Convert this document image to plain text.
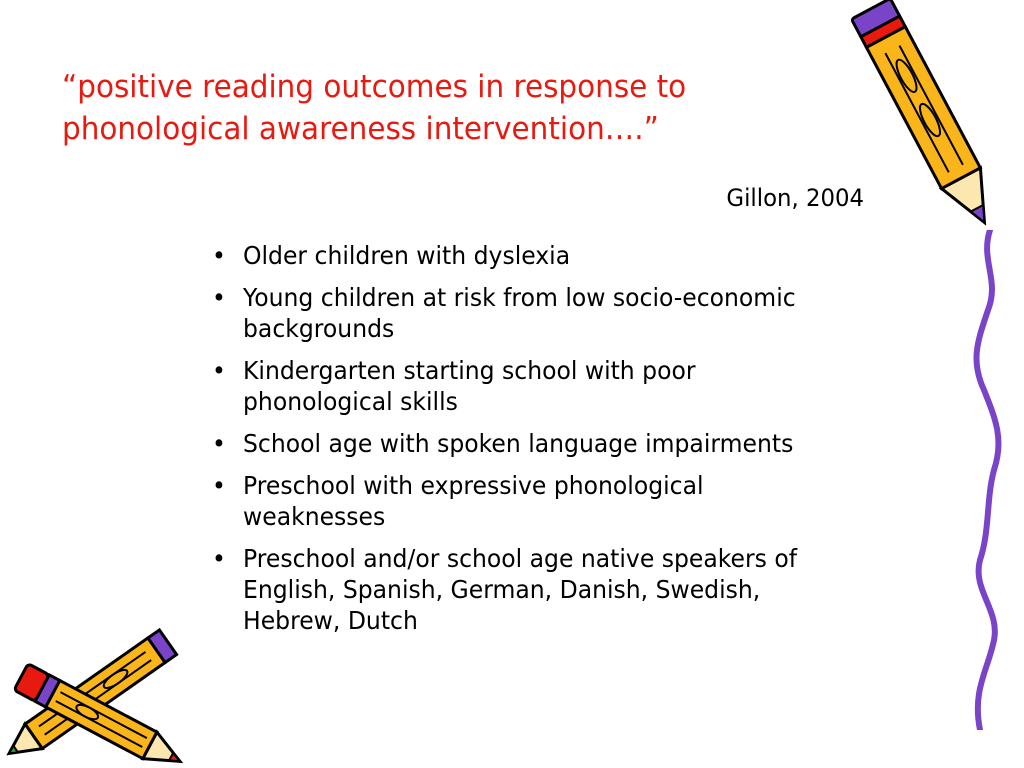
“positive reading outcomes in response to phonological awareness intervention….”
Gillon, 2004
• Older children with dyslexia
• Young children at risk from low socio-economic backgrounds
• Kindergarten starting school with poor phonological skills
• School age with spoken language impairments
• Preschool with expressive phonological weaknesses
• Preschool and/or school age native speakers of English, Spanish, German, Danish, Swedish, Hebrew, Dutch
